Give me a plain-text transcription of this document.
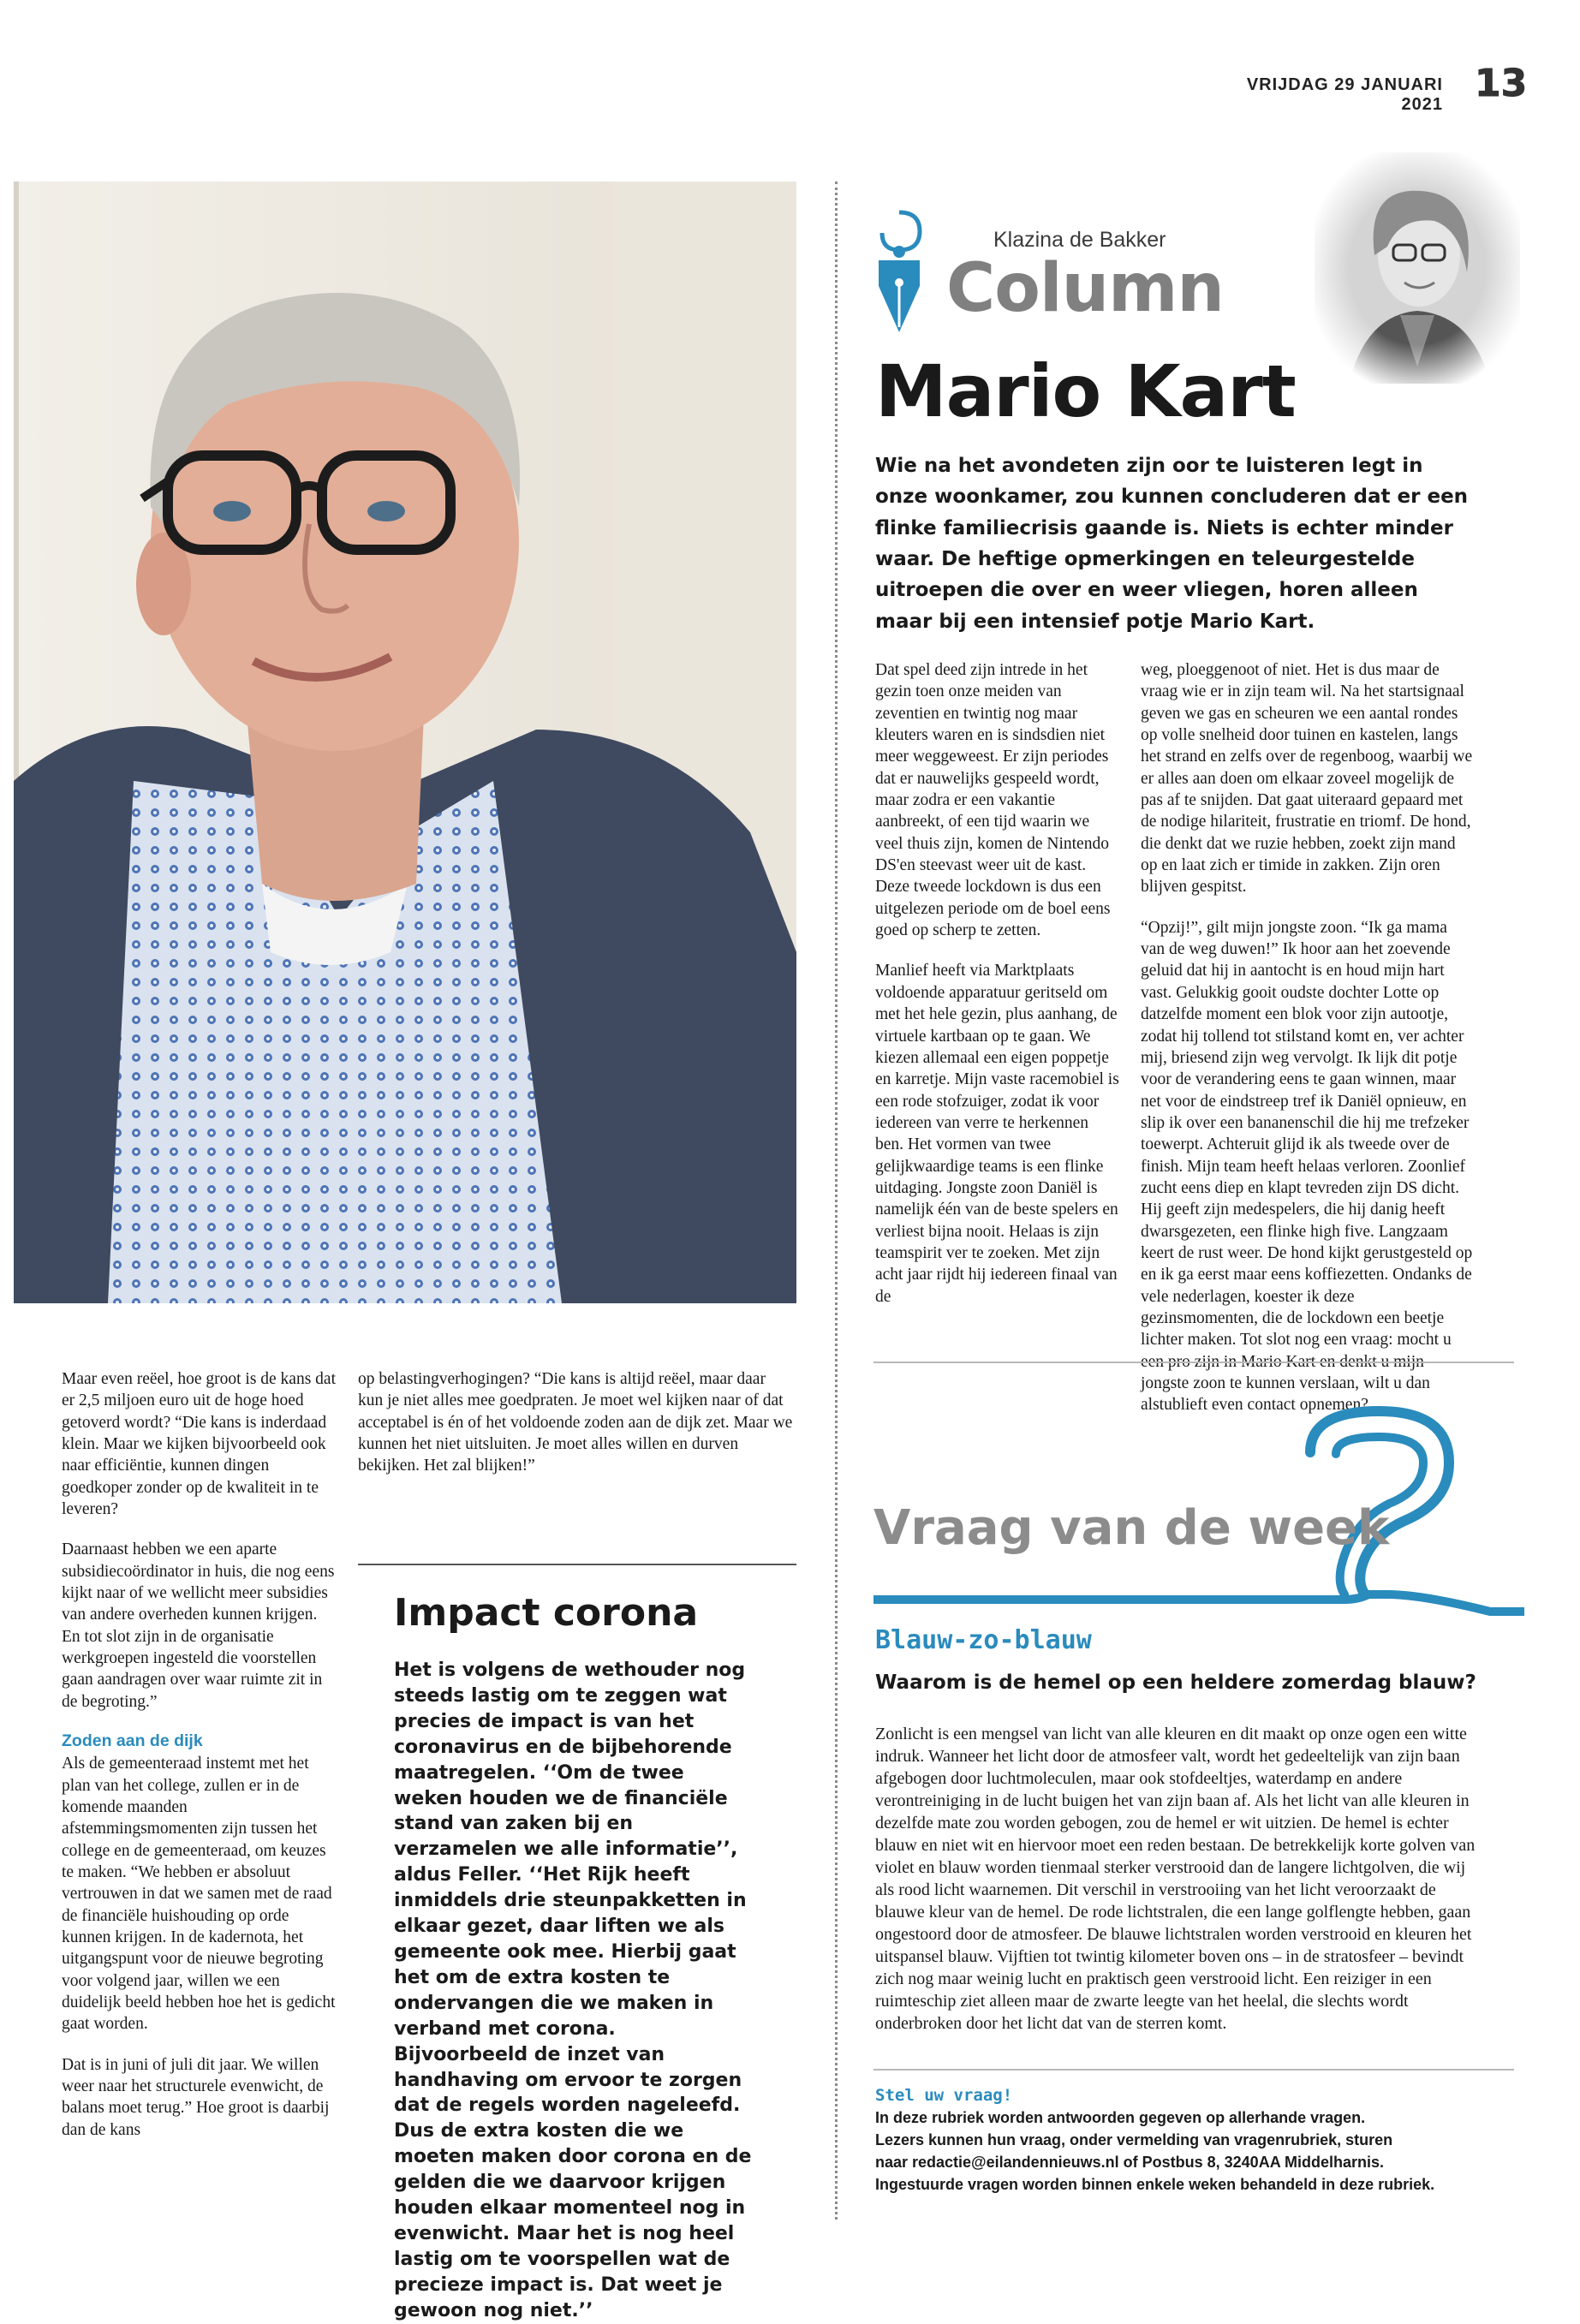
VRIJDAG 29 JANUARI 2021 13
Klazina de Bakker
Column
Mario Kart
Wie na het avondeten zijn oor te luisteren legt in onze woonkamer, zou kunnen concluderen dat er een flinke familiecrisis gaande is. Niets is echter minder waar. De heftige opmerkingen en teleurgestelde uitroepen die over en weer vliegen, horen alleen maar bij een intensief potje Mario Kart.

Dat spel deed zijn intrede in het gezin toen onze meiden van zeventien en twintig nog maar kleuters waren en is sindsdien niet meer weggeweest. Er zijn periodes dat er nauwelijks gespeeld wordt, maar zodra er een vakantie aanbreekt, of een tijd waarin we veel thuis zijn, komen de Nintendo DS'en steevast weer uit de kast. Deze tweede lockdown is dus een uitgelezen periode om de boel eens goed op scherp te zetten.

Manlief heeft via Marktplaats voldoende apparatuur geritseld om met het hele gezin, plus aanhang, de virtuele kartbaan op te gaan. We kiezen allemaal een eigen poppetje en karretje. Mijn vaste racemobiel is een rode stofzuiger, zodat ik voor iedereen van verre te herkennen ben. Het vormen van twee gelijkwaardige teams is een flinke uitdaging. Jongste zoon Daniël is namelijk één van de beste spelers en verliest bijna nooit. Helaas is zijn teamspirit ver te zoeken. Met zijn acht jaar rijdt hij iedereen finaal van de

weg, ploeggenoot of niet. Het is dus maar de vraag wie er in zijn team wil. Na het startsignaal geven we gas en scheuren we een aantal rondes op volle snelheid door tuinen en kastelen, langs het strand en zelfs over de regenboog, waarbij we er alles aan doen om elkaar zoveel mogelijk de pas af te snijden. Dat gaat uiteraard gepaard met de nodige hilariteit, frustratie en triomf. De hond, die denkt dat we ruzie hebben, zoekt zijn mand op en laat zich er timide in zakken. Zijn oren blijven gespitst.

“Opzij!”, gilt mijn jongste zoon. “Ik ga mama van de weg duwen!” Ik hoor aan het zoevende geluid dat hij in aantocht is en houd mijn hart vast. Gelukkig gooit oudste dochter Lotte op datzelfde moment een blok voor zijn autootje, zodat hij tollend tot stilstand komt en, ver achter mij, briesend zijn weg vervolgt. Ik lijk dit potje voor de verandering eens te gaan winnen, maar net voor de eindstreep tref ik Daniël opnieuw, en slip ik over een bananenschil die hij me trefzeker toewerpt. Achteruit glijd ik als tweede over de finish. Mijn team heeft helaas verloren. Zoonlief zucht eens diep en klapt tevreden zijn DS dicht. Hij geeft zijn medespelers, die hij danig heeft dwarsgezeten, een flinke high five. Langzaam keert de rust weer. De hond kijkt gerustgesteld op en ik ga eerst maar eens koffiezetten. Ondanks de vele nederlagen, koester ik deze gezinsmomenten, die de lockdown een beetje lichter maken. Tot slot nog een vraag: mocht u een pro zijn in Mario Kart en denkt u mijn jongste zoon te kunnen verslaan, wilt u dan alstublieft even contact opnemen?

Maar even reëel, hoe groot is de kans dat er 2,5 miljoen euro uit de hoge hoed getoverd wordt? “Die kans is inderdaad klein. Maar we kijken bijvoorbeeld ook naar efficiëntie, kunnen dingen goedkoper zonder op de kwaliteit in te leveren?

Daarnaast hebben we een aparte subsidiecoördinator in huis, die nog eens kijkt naar of we wellicht meer subsidies van andere overheden kunnen krijgen. En tot slot zijn in de organisatie werkgroepen ingesteld die voorstellen gaan aandragen over waar ruimte zit in de begroting.”

Zoden aan de dijk

Als de gemeenteraad instemt met het plan van het college, zullen er in de komende maanden afstemmingsmomenten zijn tussen het college en de gemeenteraad, om keuzes te maken. “We hebben er absoluut vertrouwen in dat we samen met de raad de financiële huishouding op orde kunnen krijgen. In de kadernota, het uitgangspunt voor de nieuwe begroting voor volgend jaar, willen we een duidelijk beeld hebben hoe het is gedicht gaat worden.

Dat is in juni of juli dit jaar. We willen weer naar het structurele evenwicht, de balans moet terug.” Hoe groot is daarbij dan de kans

op belastingverhogingen? “Die kans is altijd reëel, maar daar kun je niet alles mee goedpraten. Je moet wel kijken naar of dat acceptabel is én of het voldoende zoden aan de dijk zet. Maar we kunnen het niet uitsluiten. Je moet alles willen en durven bekijken. Het zal blijken!”

Impact corona
Het is volgens de wethouder nog steeds lastig om te zeggen wat precies de impact is van het coronavirus en de bijbehorende maatregelen. ‘‘Om de twee weken houden we de financiële stand van zaken bij en verzamelen we alle informatie’’, aldus Feller. ‘‘Het Rijk heeft inmiddels drie steunpakketten in elkaar gezet, daar liften we als gemeente ook mee. Hierbij gaat het om de extra kosten te ondervangen die we maken in verband met corona. Bijvoorbeeld de inzet van handhaving om ervoor te zorgen dat de regels worden nageleefd. Dus de extra kosten die we moeten maken door corona en de gelden die we daarvoor krijgen houden elkaar momenteel nog in evenwicht. Maar het is nog heel lastig om te voorspellen wat de precieze impact is. Dat weet je gewoon nog niet.’’
Vraag van de week
Blauw-zo-blauw
Waarom is de hemel op een heldere zomerdag blauw?
Zonlicht is een mengsel van licht van alle kleuren en dit maakt op onze ogen een witte indruk. Wanneer het licht door de atmosfeer valt, wordt het gedeeltelijk van zijn baan afgebogen door luchtmoleculen, maar ook stofdeeltjes, waterdamp en andere verontreiniging in de lucht buigen het van zijn baan af. Als het licht van alle kleuren in dezelfde mate zou worden gebogen, zou de hemel er wit uitzien. De hemel is echter blauw en niet wit en hiervoor moet een reden bestaan. De betrekkelijk korte golven van violet en blauw worden tienmaal sterker verstrooid dan de langere lichtgolven, die wij als rood licht waarnemen. Dit verschil in verstrooiing van het licht veroorzaakt de blauwe kleur van de hemel. De rode lichtstralen, die een lange golflengte hebben, gaan ongestoord door de atmosfeer. De blauwe lichtstralen worden verstrooid en kleuren het uitspansel blauw. Vijftien tot twintig kilometer boven ons – in de stratosfeer – bevindt zich nog maar weinig lucht en praktisch geen verstrooid licht. Een reiziger in een ruimteschip ziet alleen maar de zwarte leegte van het heelal, die slechts wordt onderbroken door het licht dat van de sterren komt.
Stel uw vraag!
In deze rubriek worden antwoorden gegeven op allerhande vragen.
Lezers kunnen hun vraag, onder vermelding van vragenrubriek, sturen
naar redactie@eilandennieuws.nl of Postbus 8, 3240AA Middelharnis.
Ingestuurde vragen worden binnen enkele weken behandeld in deze rubriek.
